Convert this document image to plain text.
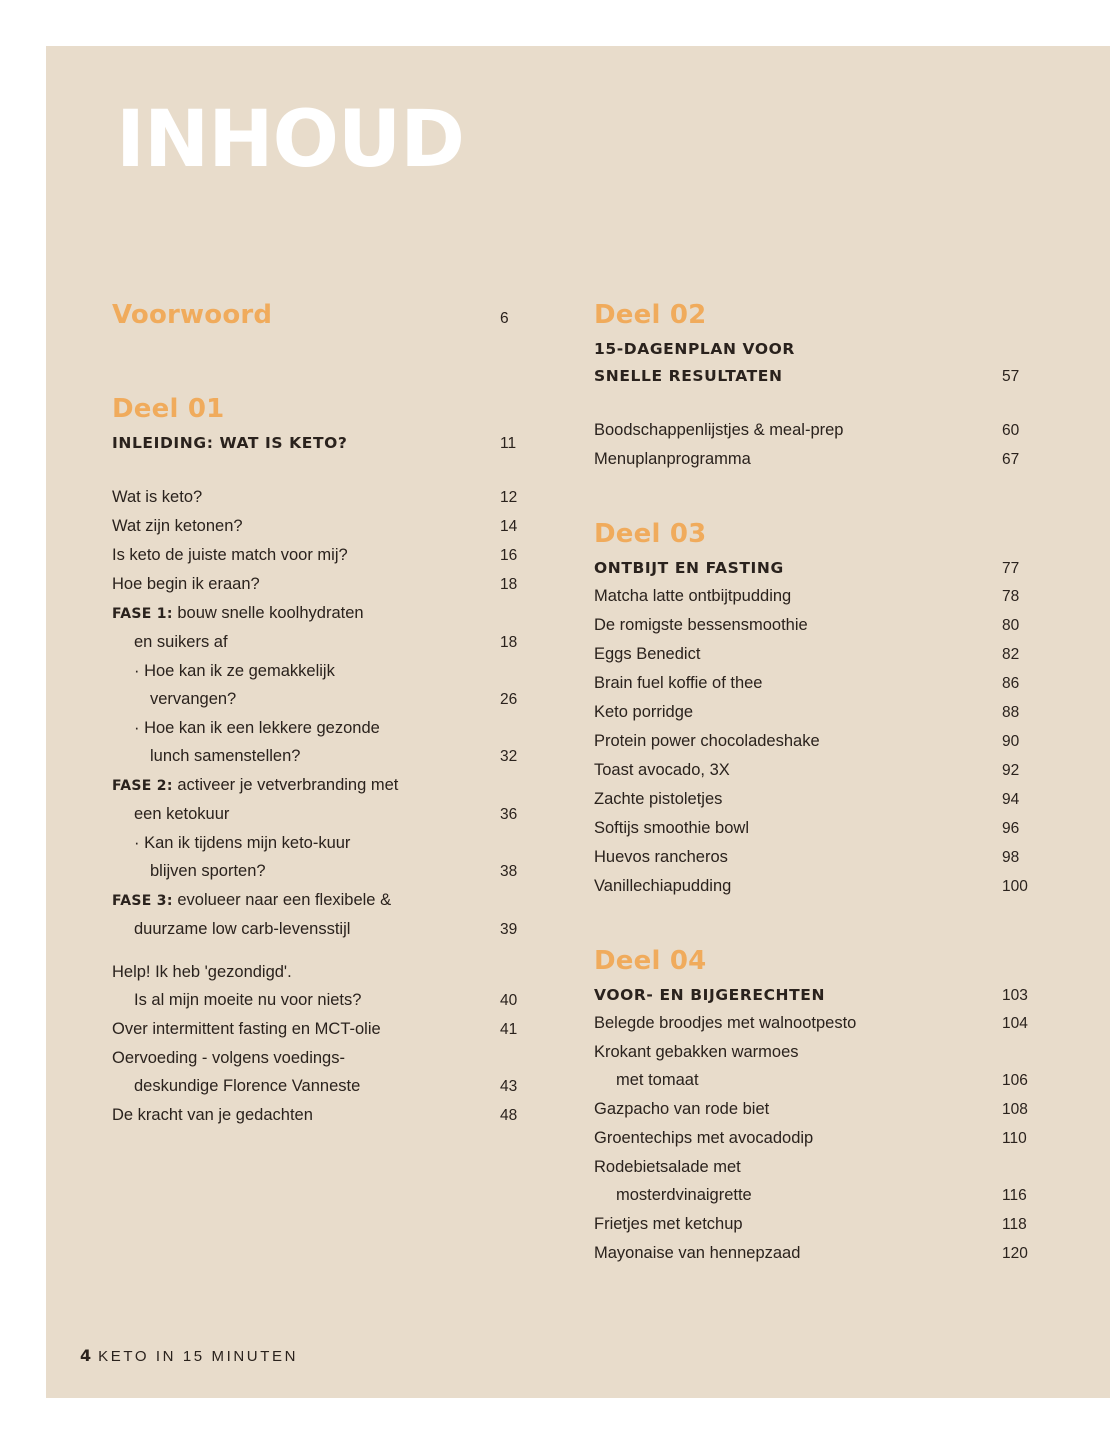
INHOUD
Voorwoord	6
Deel 01
INLEIDING: WAT IS KETO?	11
Wat is keto?	12
Wat zijn ketonen?	14
Is keto de juiste match voor mij?	16
Hoe begin ik eraan?	18
FASE 1: bouw snelle koolhydraten
en suikers af	18
· Hoe kan ik ze gemakkelijk
vervangen?	26
· Hoe kan ik een lekkere gezonde
lunch samenstellen?	32
FASE 2: activeer je vetverbranding met
een ketokuur	36
· Kan ik tijdens mijn keto-kuur
blijven sporten?	38
FASE 3: evolueer naar een flexibele &
duurzame low carb-levensstijl	39
Help! Ik heb 'gezondigd'.
Is al mijn moeite nu voor niets?	40
Over intermittent fasting en MCT-olie	41
Oervoeding - volgens voedings-
deskundige Florence Vanneste	43
De kracht van je gedachten	48
Deel 02
15-DAGENPLAN VOOR
SNELLE RESULTATEN	57
Boodschappenlijstjes & meal-prep	60
Menuplanprogramma	67
Deel 03
ONTBIJT EN FASTING	77
Matcha latte ontbijtpudding	78
De romigste bessensmoothie	80
Eggs Benedict	82
Brain fuel koffie of thee	86
Keto porridge	88
Protein power chocoladeshake	90
Toast avocado, 3X	92
Zachte pistoletjes	94
Softijs smoothie bowl	96
Huevos rancheros	98
Vanillechiapudding	100
Deel 04
VOOR- EN BIJGERECHTEN	103
Belegde broodjes met walnootpesto	104
Krokant gebakken warmoes
met tomaat	106
Gazpacho van rode biet	108
Groentechips met avocadodip	110
Rodebietsalade met
mosterdvinaigrette	116
Frietjes met ketchup	118
Mayonaise van hennepzaad	120
4 KETO IN 15 MINUTEN
